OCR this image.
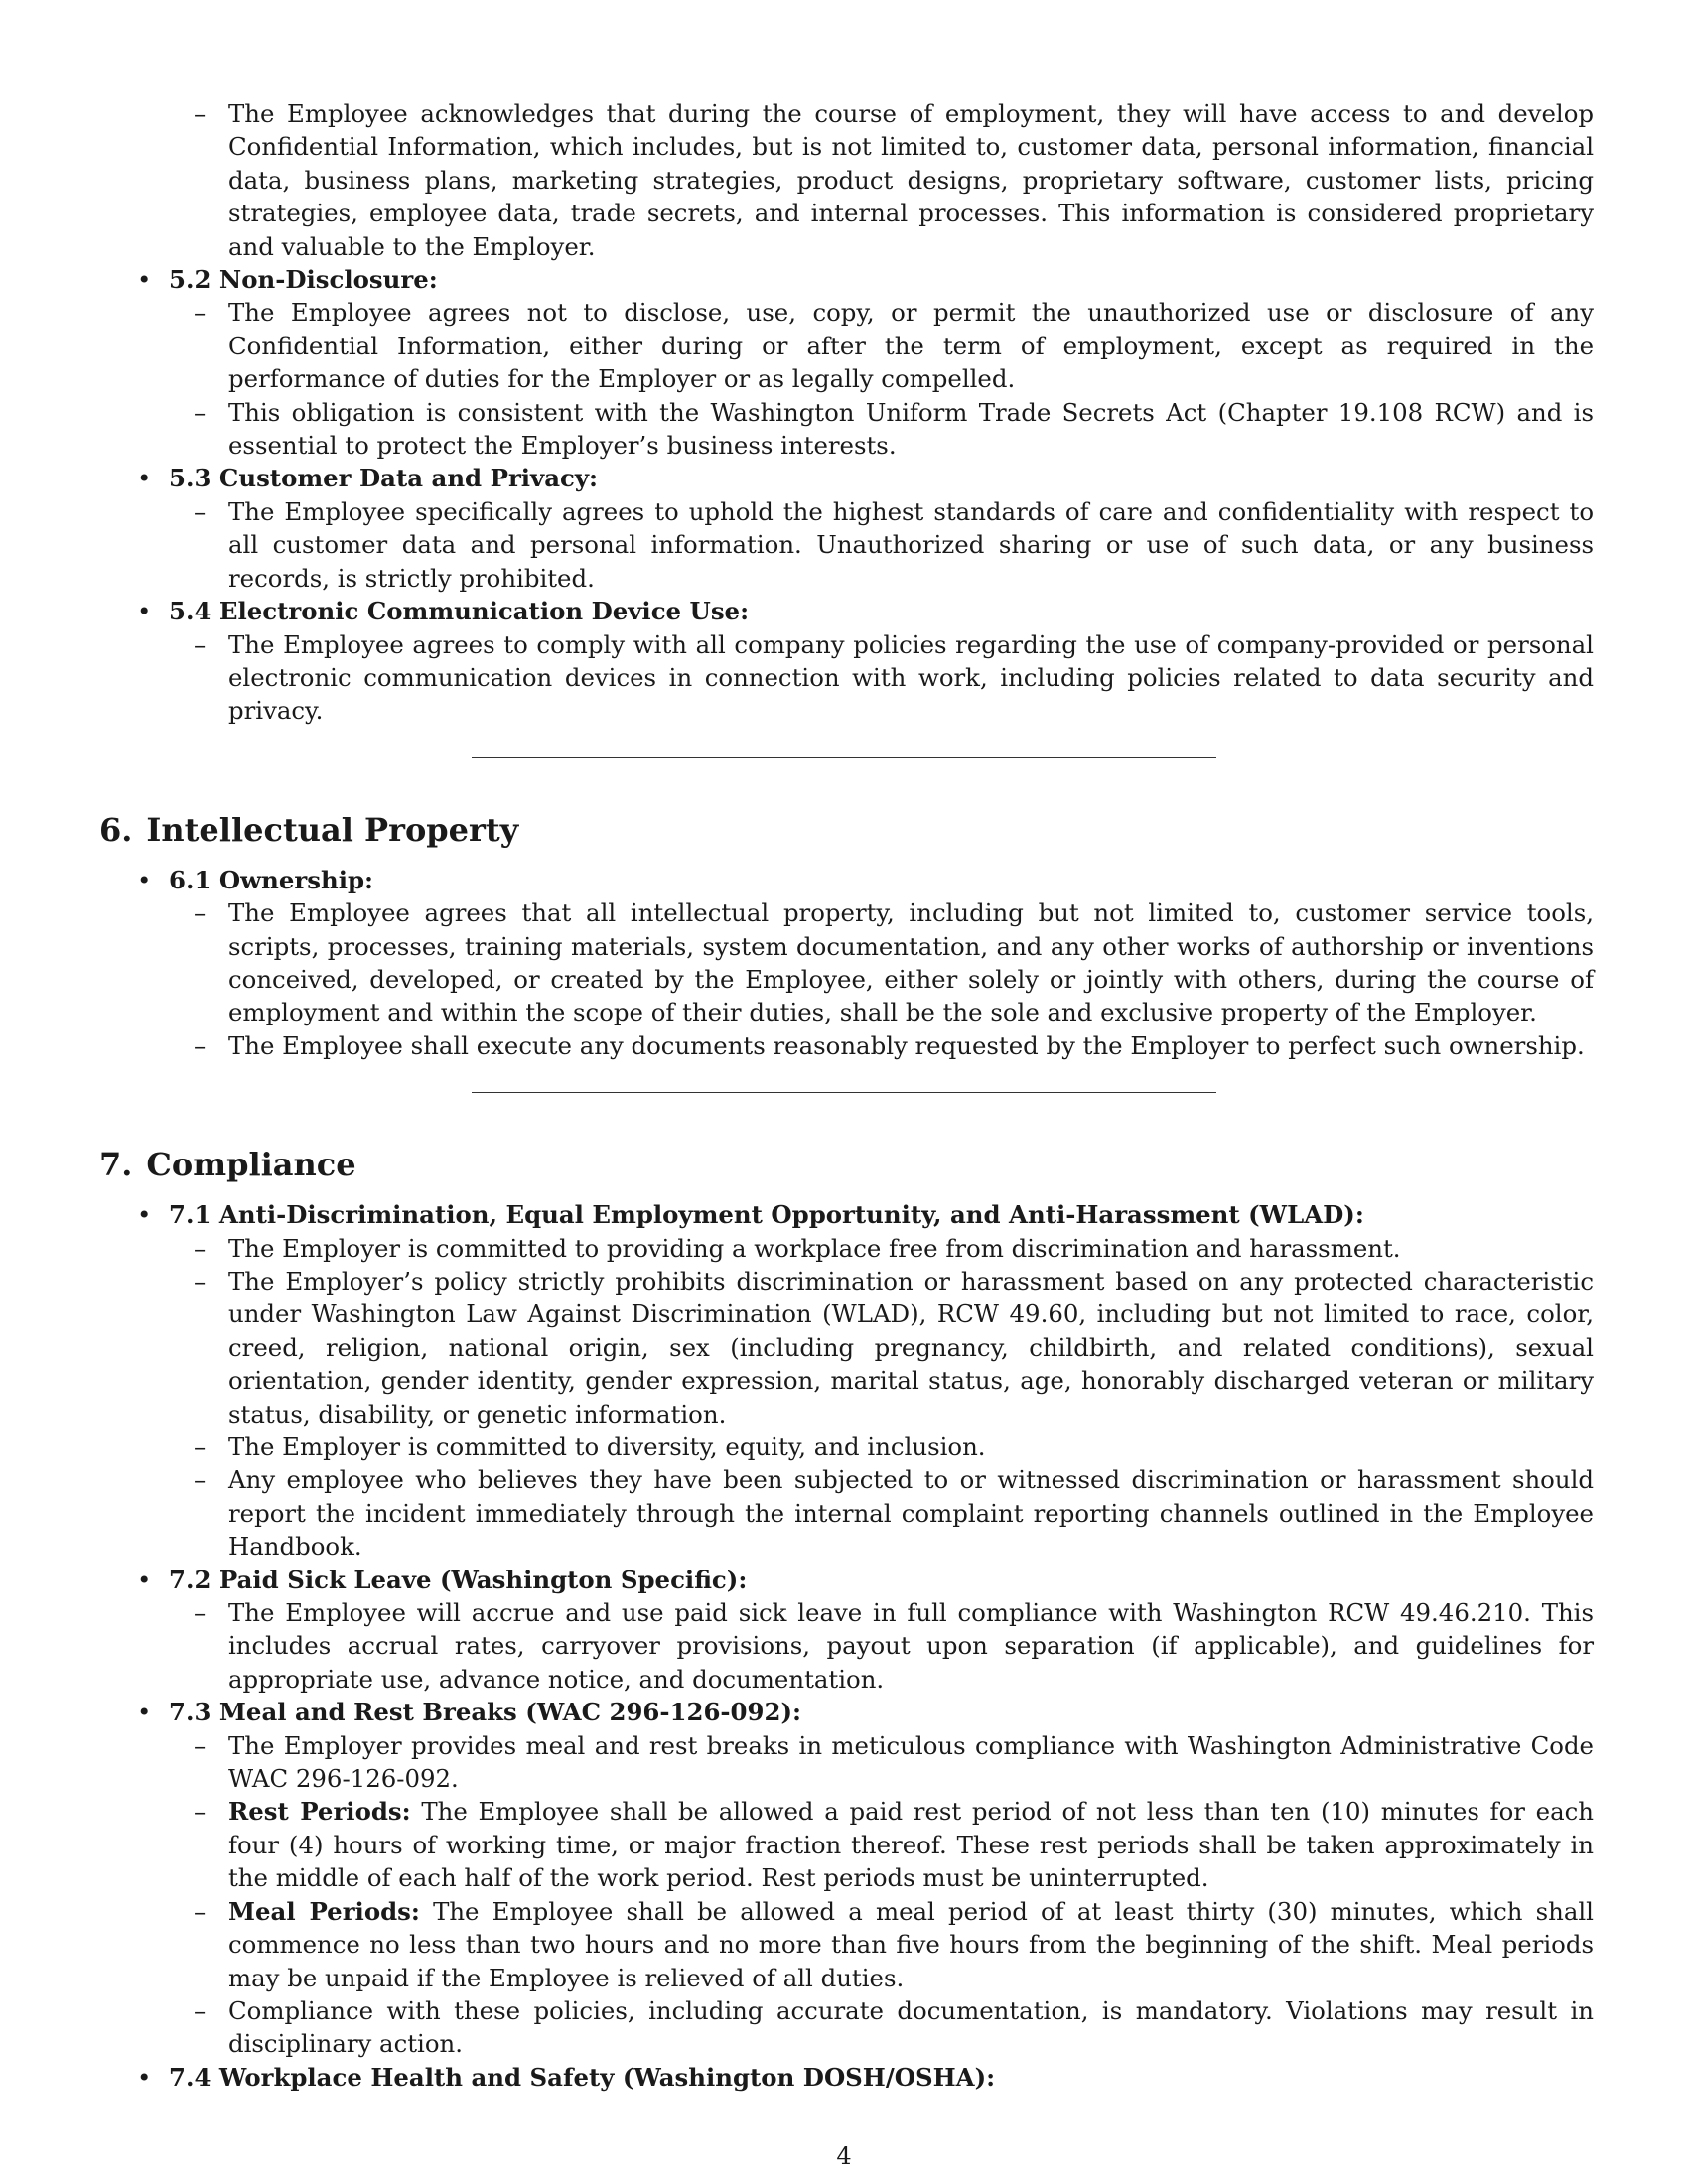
– The Employee acknowledges that during the course of employment, they will have access to and develop Confidential Information, which includes, but is not limited to, customer data, personal information, financial data, business plans, marketing strategies, product designs, proprietary software, customer lists, pricing strategies, employee data, trade secrets, and internal processes. This information is considered proprietary and valuable to the Employer.
• 5.2 Non-Disclosure:
– The Employee agrees not to disclose, use, copy, or permit the unauthorized use or disclosure of any Confidential Information, either during or after the term of employment, except as required in the performance of duties for the Employer or as legally compelled.
– This obligation is consistent with the Washington Uniform Trade Secrets Act (Chapter 19.108 RCW) and is essential to protect the Employer’s business interests.
• 5.3 Customer Data and Privacy:
– The Employee specifically agrees to uphold the highest standards of care and confidentiality with respect to all customer data and personal information. Unauthorized sharing or use of such data, or any business records, is strictly prohibited.
• 5.4 Electronic Communication Device Use:
– The Employee agrees to comply with all company policies regarding the use of company-provided or personal electronic communication devices in connection with work, including policies related to data security and privacy.
6. Intellectual Property
• 6.1 Ownership:
– The Employee agrees that all intellectual property, including but not limited to, customer service tools, scripts, processes, training materials, system documentation, and any other works of authorship or inventions conceived, developed, or created by the Employee, either solely or jointly with others, during the course of employment and within the scope of their duties, shall be the sole and exclusive property of the Employer.
– The Employee shall execute any documents reasonably requested by the Employer to perfect such ownership.
7. Compliance
• 7.1 Anti-Discrimination, Equal Employment Opportunity, and Anti-Harassment (WLAD):
– The Employer is committed to providing a workplace free from discrimination and harassment.
– The Employer’s policy strictly prohibits discrimination or harassment based on any protected characteristic under Washington Law Against Discrimination (WLAD), RCW 49.60, including but not limited to race, color, creed, religion, national origin, sex (including pregnancy, childbirth, and related conditions), sexual orientation, gender identity, gender expression, marital status, age, honorably discharged veteran or military status, disability, or genetic information.
– The Employer is committed to diversity, equity, and inclusion.
– Any employee who believes they have been subjected to or witnessed discrimination or harassment should report the incident immediately through the internal complaint reporting channels outlined in the Employee Handbook.
• 7.2 Paid Sick Leave (Washington Specific):
– The Employee will accrue and use paid sick leave in full compliance with Washington RCW 49.46.210. This includes accrual rates, carryover provisions, payout upon separation (if applicable), and guidelines for appropriate use, advance notice, and documentation.
• 7.3 Meal and Rest Breaks (WAC 296-126-092):
– The Employer provides meal and rest breaks in meticulous compliance with Washington Administrative Code WAC 296-126-092.
– Rest Periods: The Employee shall be allowed a paid rest period of not less than ten (10) minutes for each four (4) hours of working time, or major fraction thereof. These rest periods shall be taken approximately in the middle of each half of the work period. Rest periods must be uninterrupted.
– Meal Periods: The Employee shall be allowed a meal period of at least thirty (30) minutes, which shall commence no less than two hours and no more than five hours from the beginning of the shift. Meal periods may be unpaid if the Employee is relieved of all duties.
– Compliance with these policies, including accurate documentation, is mandatory. Violations may result in disciplinary action.
• 7.4 Workplace Health and Safety (Washington DOSH/OSHA):
4
